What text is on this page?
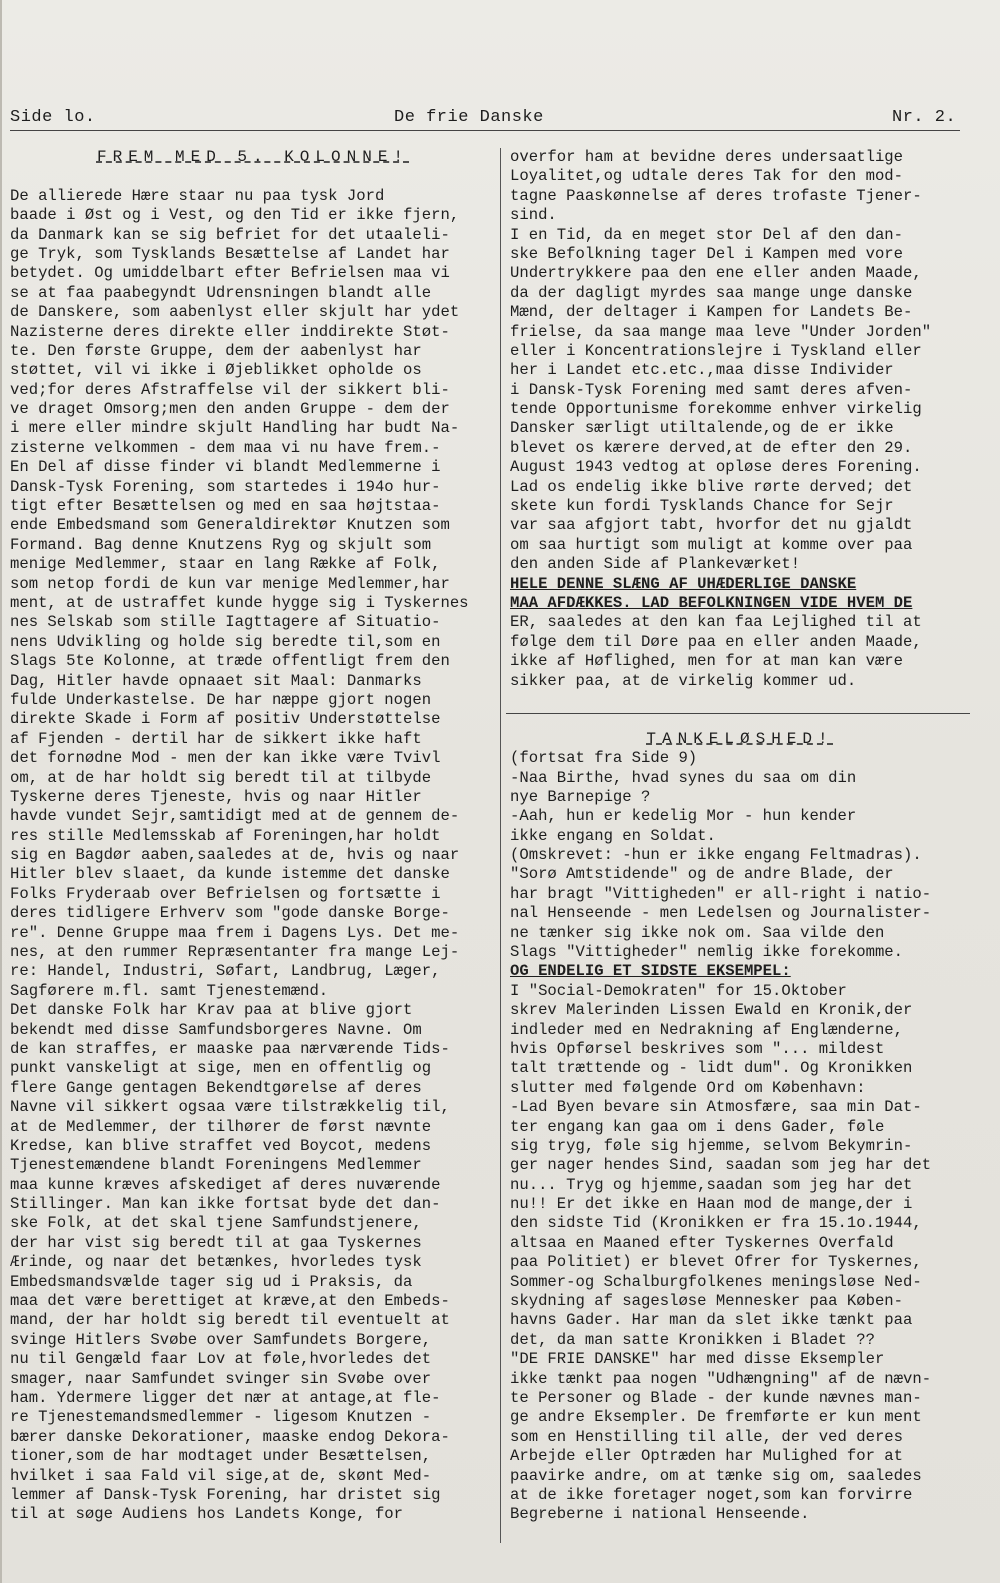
Side lo.	De frie Danske	Nr. 2.
FREM MED 5. KOLONNE!
De allierede Hære staar nu paa tysk Jord
baade i Øst og i Vest, og den Tid er ikke fjern,
da Danmark kan se sig befriet for det utaaleli-
ge Tryk, som Tysklands Besættelse af Landet har
betydet. Og umiddelbart efter Befrielsen maa vi
se at faa paabegyndt Udrensningen blandt alle
de Danskere, som aabenlyst eller skjult har ydet
Nazisterne deres direkte eller inddirekte Støt-
te. Den første Gruppe, dem der aabenlyst har
støttet, vil vi ikke i Øjeblikket opholde os
ved;for deres Afstraffelse vil der sikkert bli-
ve draget Omsorg;men den anden Gruppe - dem der
i mere eller mindre skjult Handling har budt Na-
zisterne velkommen - dem maa vi nu have frem.-
En Del af disse finder vi blandt Medlemmerne i
Dansk-Tysk Forening, som startedes i 194o hur-
tigt efter Besættelsen og med en saa højtstaa-
ende Embedsmand som Generaldirektør Knutzen som
Formand. Bag denne Knutzens Ryg og skjult som
menige Medlemmer, staar en lang Række af Folk,
som netop fordi de kun var menige Medlemmer,har
ment, at de ustraffet kunde hygge sig i Tyskernes
nes Selskab som stille Iagttagere af Situatio-
nens Udvikling og holde sig beredte til,som en
Slags 5te Kolonne, at træde offentligt frem den
Dag, Hitler havde opnaaet sit Maal: Danmarks
fulde Underkastelse. De har næppe gjort nogen
direkte Skade i Form af positiv Understøttelse
af Fjenden - dertil har de sikkert ikke haft
det fornødne Mod - men der kan ikke være Tvivl
om, at de har holdt sig beredt til at tilbyde
Tyskerne deres Tjeneste, hvis og naar Hitler
havde vundet Sejr,samtidigt med at de gennem de-
res stille Medlemsskab af Foreningen,har holdt
sig en Bagdør aaben,saaledes at de, hvis og naar
Hitler blev slaaet, da kunde istemme det danske
Folks Fryderaab over Befrielsen og fortsætte i
deres tidligere Erhverv som "gode danske Borge-
re". Denne Gruppe maa frem i Dagens Lys. Det me-
nes, at den rummer Repræsentanter fra mange Lej-
re: Handel, Industri, Søfart, Landbrug, Læger,
Sagførere m.fl. samt Tjenestemænd.
Det danske Folk har Krav paa at blive gjort
bekendt med disse Samfundsborgeres Navne. Om
de kan straffes, er maaske paa nærværende Tids-
punkt vanskeligt at sige, men en offentlig og
flere Gange gentagen Bekendtgørelse af deres
Navne vil sikkert ogsaa være tilstrækkelig til,
at de Medlemmer, der tilhører de først nævnte
Kredse, kan blive straffet ved Boycot, medens
Tjenestemændene blandt Foreningens Medlemmer
maa kunne kræves afskediget af deres nuværende
Stillinger. Man kan ikke fortsat byde det dan-
ske Folk, at det skal tjene Samfundstjenere,
der har vist sig beredt til at gaa Tyskernes
Ærinde, og naar det betænkes, hvorledes tysk
Embedsmandsvælde tager sig ud i Praksis, da
maa det være berettiget at kræve,at den Embeds-
mand, der har holdt sig beredt til eventuelt at
svinge Hitlers Svøbe over Samfundets Borgere,
nu til Gengæld faar Lov at føle,hvorledes det
smager, naar Samfundet svinger sin Svøbe over
ham. Ydermere ligger det nær at antage,at fle-
re Tjenestemandsmedlemmer - ligesom Knutzen -
bærer danske Dekorationer, maaske endog Dekora-
tioner,som de har modtaget under Besættelsen,
hvilket i saa Fald vil sige,at de, skønt Med-
lemmer af Dansk-Tysk Forening, har dristet sig
til at søge Audiens hos Landets Konge, for
overfor ham at bevidne deres undersaatlige
Loyalitet,og udtale deres Tak for den mod-
tagne Paaskønnelse af deres trofaste Tjener-
sind.
I en Tid, da en meget stor Del af den dan-
ske Befolkning tager Del i Kampen med vore
Undertrykkere paa den ene eller anden Maade,
da der dagligt myrdes saa mange unge danske
Mænd, der deltager i Kampen for Landets Be-
frielse, da saa mange maa leve "Under Jorden"
eller i Koncentrationslejre i Tyskland eller
her i Landet etc.etc.,maa disse Individer
i Dansk-Tysk Forening med samt deres afven-
tende Opportunisme forekomme enhver virkelig
Dansker særligt utiltalende,og de er ikke
blevet os kærere derved,at de efter den 29.
August 1943 vedtog at opløse deres Forening.
Lad os endelig ikke blive rørte derved; det
skete kun fordi Tysklands Chance for Sejr
var saa afgjort tabt, hvorfor det nu gjaldt
om saa hurtigt som muligt at komme over paa
den anden Side af Plankeværket!
HELE DENNE SLÆNG AF UHÆDERLIGE DANSKE
MAA AFDÆKKES. LAD BEFOLKNINGEN VIDE HVEM DE
ER, saaledes at den kan faa Lejlighed til at
følge dem til Døre paa en eller anden Maade,
ikke af Høflighed, men for at man kan være
sikker paa, at de virkelig kommer ud.
TANKELØSHED!
(fortsat fra Side 9)
-Naa Birthe, hvad synes du saa om din
nye Barnepige ?
-Aah, hun er kedelig Mor - hun kender
ikke engang en Soldat.
(Omskrevet: -hun er ikke engang Feltmadras).
"Sorø Amtstidende" og de andre Blade, der
har bragt "Vittigheden" er all-right i natio-
nal Henseende - men Ledelsen og Journalister-
ne tænker sig ikke nok om. Saa vilde den
Slags "Vittigheder" nemlig ikke forekomme.
OG ENDELIG ET SIDSTE EKSEMPEL:
I "Social-Demokraten" for 15.Oktober
skrev Malerinden Lissen Ewald en Kronik,der
indleder med en Nedrakning af Englænderne,
hvis Opførsel beskrives som "... mildest
talt trættende og - lidt dum". Og Kronikken
slutter med følgende Ord om København:
-Lad Byen bevare sin Atmosfære, saa min Dat-
ter engang kan gaa om i dens Gader, føle
sig tryg, føle sig hjemme, selvom Bekymrin-
ger nager hendes Sind, saadan som jeg har det
nu... Tryg og hjemme,saadan som jeg har det
nu!! Er det ikke en Haan mod de mange,der i
den sidste Tid (Kronikken er fra 15.1o.1944,
altsaa en Maaned efter Tyskernes Overfald
paa Politiet) er blevet Ofrer for Tyskernes,
Sommer-og Schalburgfolkenes meningsløse Ned-
skydning af sagesløse Mennesker paa Køben-
havns Gader. Har man da slet ikke tænkt paa
det, da man satte Kronikken i Bladet ??
"DE FRIE DANSKE" har med disse Eksempler
ikke tænkt paa nogen "Udhængning" af de nævn-
te Personer og Blade - der kunde nævnes man-
ge andre Eksempler. De fremførte er kun ment
som en Henstilling til alle, der ved deres
Arbejde eller Optræden har Mulighed for at
paavirke andre, om at tænke sig om, saaledes
at de ikke foretager noget,som kan forvirre
Begreberne i national Henseende.
